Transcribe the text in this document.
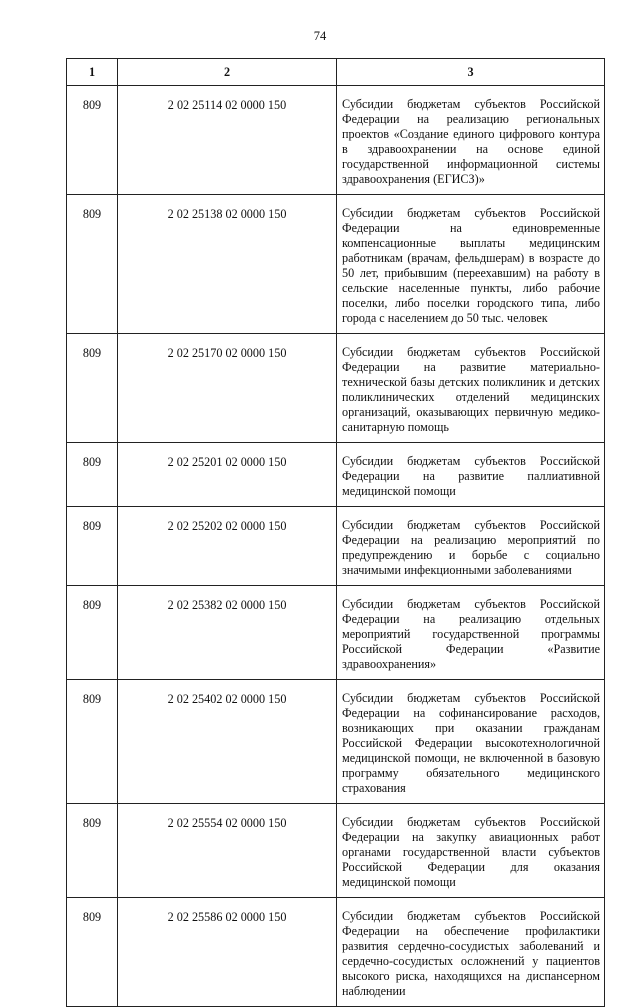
74
1	2	3
809	2 02 25114 02 0000 150	Субсидии бюджетам субъектов Российской Федерации на реализацию региональных проектов «Создание единого цифрового контура в здравоохранении на основе единой государственной информационной системы здравоохранения (ЕГИСЗ)»
809	2 02 25138 02 0000 150	Субсидии бюджетам субъектов Российской Федерации на единовременные компенсационные выплаты медицинским работникам (врачам, фельдшерам) в возрасте до 50 лет, прибывшим (переехавшим) на работу в сельские населенные пункты, либо рабочие поселки, либо поселки городского типа, либо города с населением до 50 тыс. человек
809	2 02 25170 02 0000 150	Субсидии бюджетам субъектов Российской Федерации на развитие материально-технической базы детских поликлиник и детских поликлинических отделений медицинских организаций, оказывающих первичную медико-санитарную помощь
809	2 02 25201 02 0000 150	Субсидии бюджетам субъектов Российской Федерации на развитие паллиативной медицинской помощи
809	2 02 25202 02 0000 150	Субсидии бюджетам субъектов Российской Федерации на реализацию мероприятий по предупреждению и борьбе с социально значимыми инфекционными заболеваниями
809	2 02 25382 02 0000 150	Субсидии бюджетам субъектов Российской Федерации на реализацию отдельных мероприятий государственной программы Российской Федерации «Развитие здравоохранения»
809	2 02 25402 02 0000 150	Субсидии бюджетам субъектов Российской Федерации на софинансирование расходов, возникающих при оказании гражданам Российской Федерации высокотехнологичной медицинской помощи, не включенной в базовую программу обязательного медицинского страхования
809	2 02 25554 02 0000 150	Субсидии бюджетам субъектов Российской Федерации на закупку авиационных работ органами государственной власти субъектов Российской Федерации для оказания медицинской помощи
809	2 02 25586 02 0000 150	Субсидии бюджетам субъектов Российской Федерации на обеспечение профилактики развития сердечно-сосудистых заболеваний и сердечно-сосудистых осложнений у пациентов высокого риска, находящихся на диспансерном наблюдении
